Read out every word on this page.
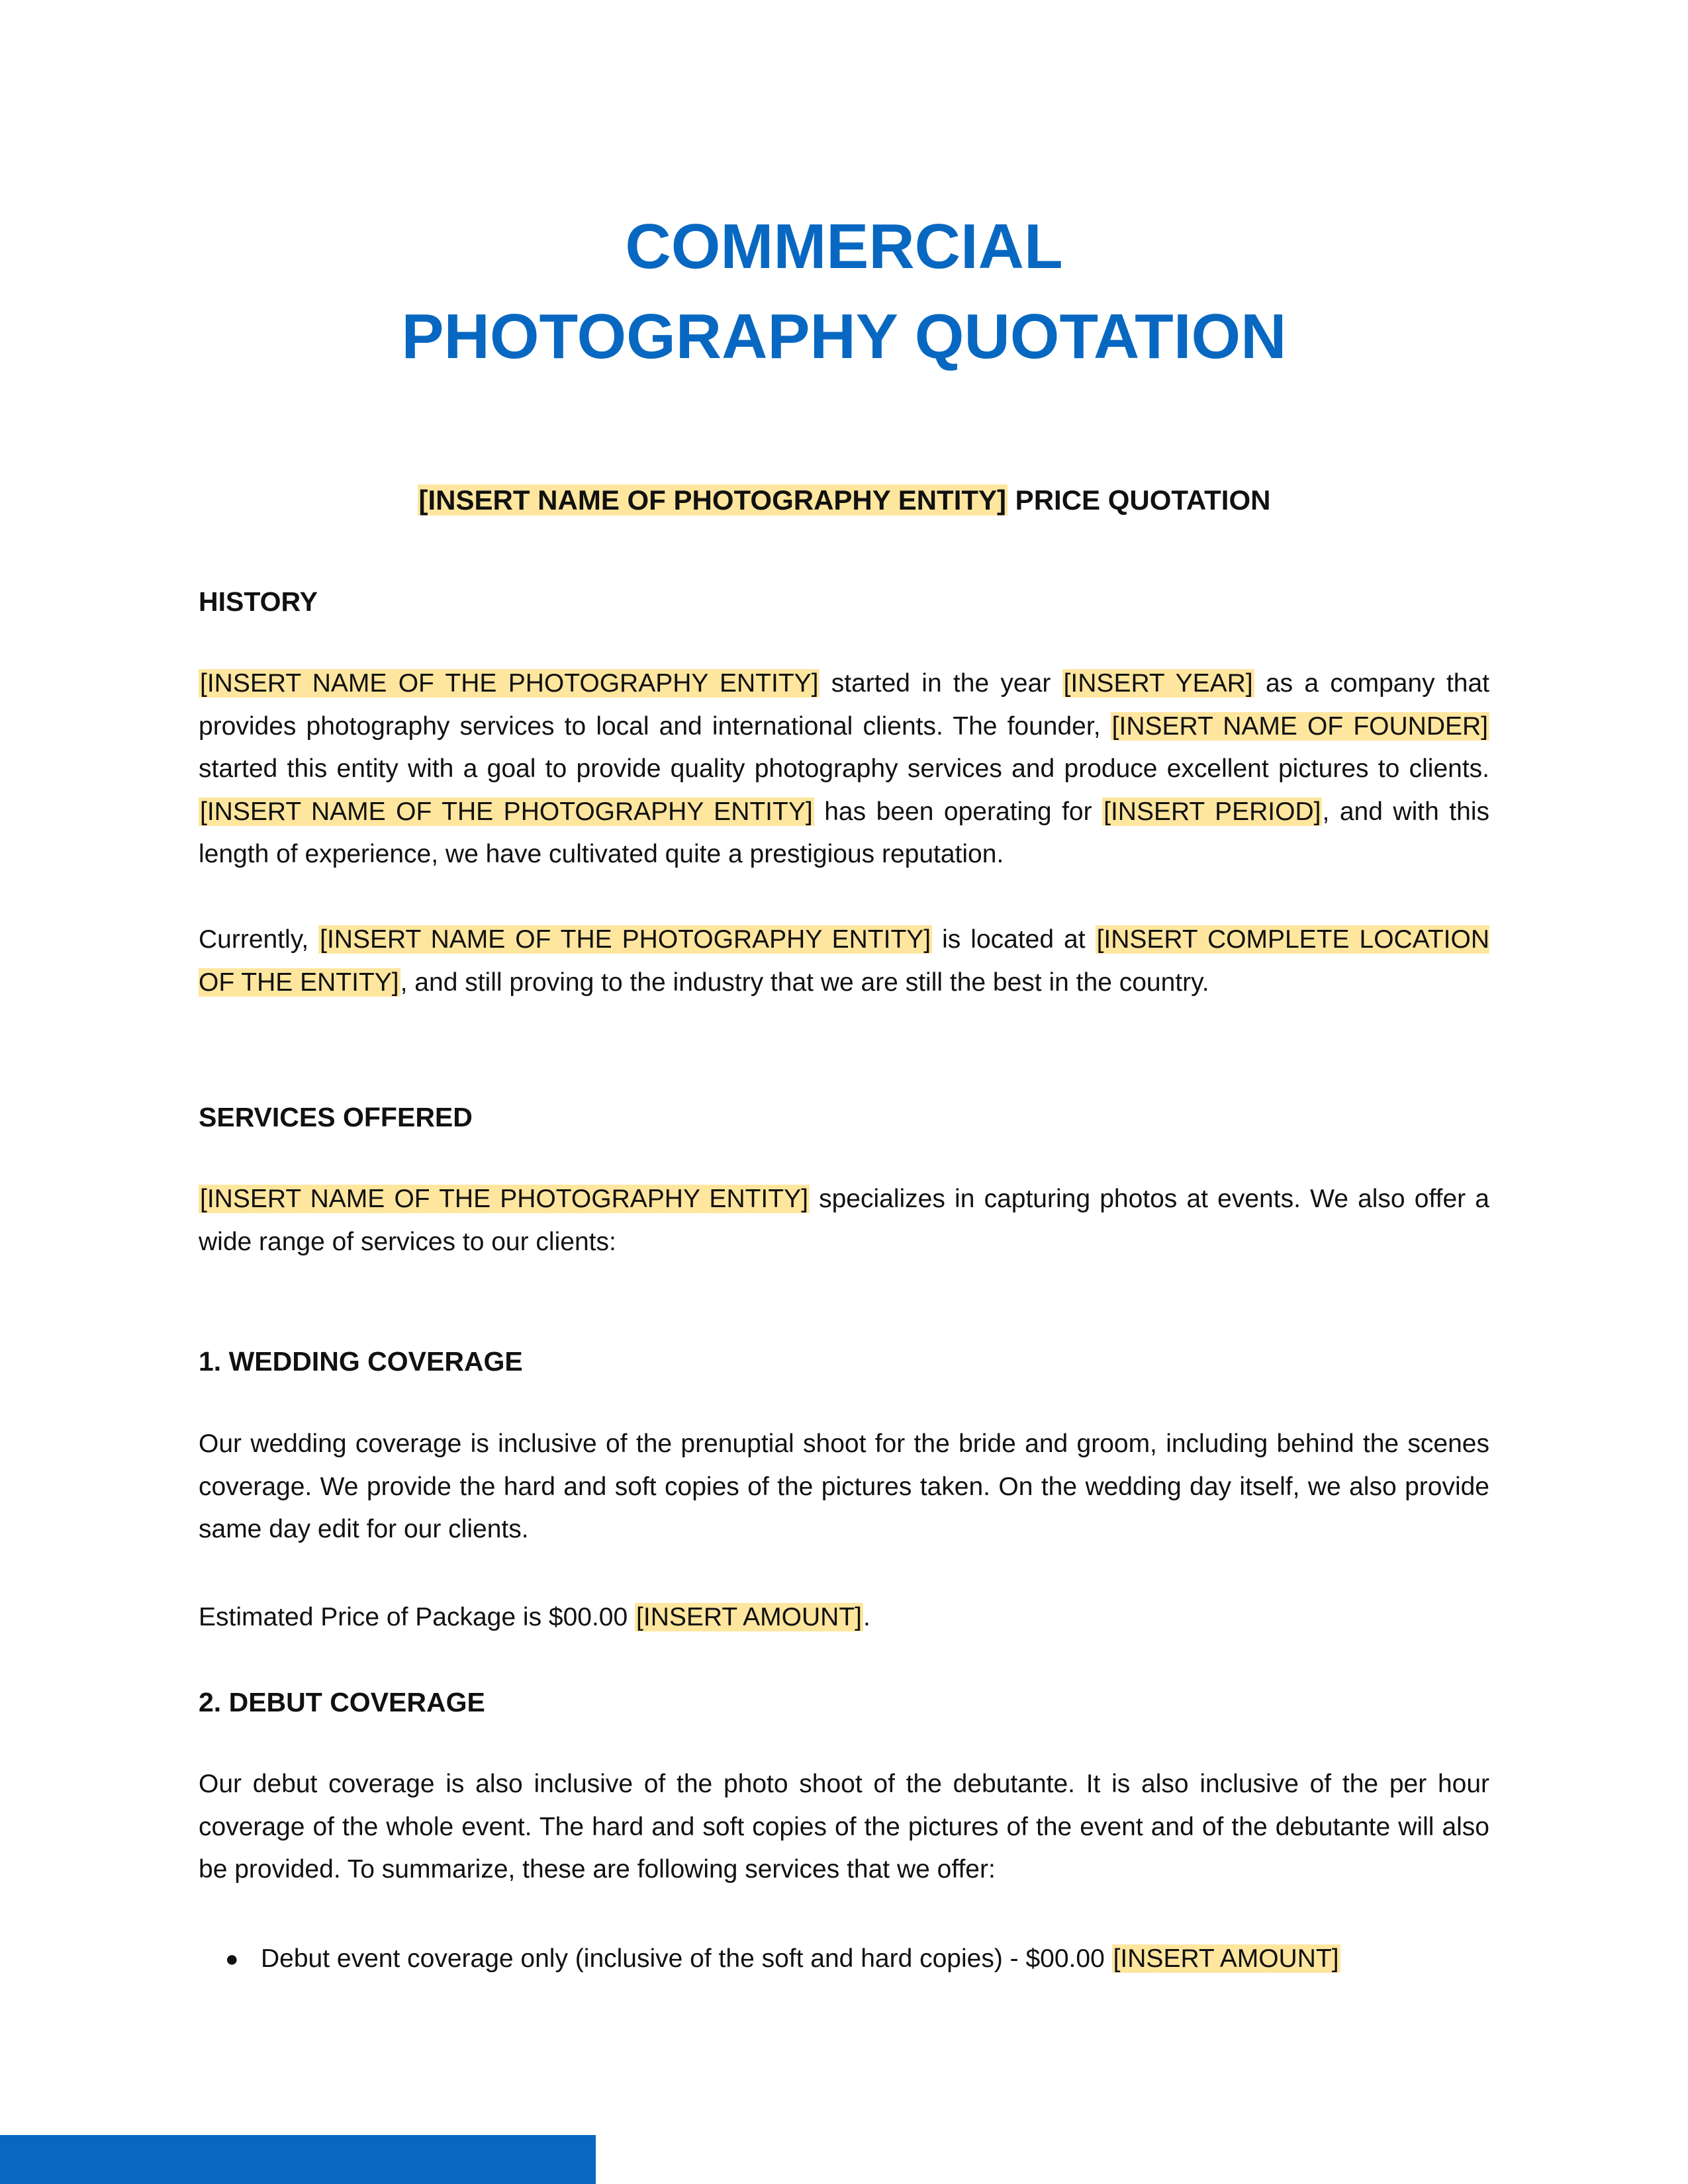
COMMERCIAL
PHOTOGRAPHY QUOTATION
[INSERT NAME OF PHOTOGRAPHY ENTITY] PRICE QUOTATION
HISTORY
[INSERT NAME OF THE PHOTOGRAPHY ENTITY] started in the year [INSERT YEAR] as a company that provides photography services to local and international clients. The founder, [INSERT NAME OF FOUNDER] started this entity with a goal to provide quality photography services and produce excellent pictures to clients. [INSERT NAME OF THE PHOTOGRAPHY ENTITY] has been operating for [INSERT PERIOD], and with this length of experience, we have cultivated quite a prestigious reputation.
Currently, [INSERT NAME OF THE PHOTOGRAPHY ENTITY] is located at [INSERT COMPLETE LOCATION OF THE ENTITY], and still proving to the industry that we are still the best in the country.
SERVICES OFFERED
[INSERT NAME OF THE PHOTOGRAPHY ENTITY] specializes in capturing photos at events. We also offer a wide range of services to our clients:
1. WEDDING COVERAGE
Our wedding coverage is inclusive of the prenuptial shoot for the bride and groom, including behind the scenes coverage. We provide the hard and soft copies of the pictures taken. On the wedding day itself, we also provide same day edit for our clients.
Estimated Price of Package is $00.00 [INSERT AMOUNT].
2. DEBUT COVERAGE
Our debut coverage is also inclusive of the photo shoot of the debutante. It is also inclusive of the per hour coverage of the whole event. The hard and soft copies of the pictures of the event and of the debutante will also be provided. To summarize, these are following services that we offer:
● Debut event coverage only (inclusive of the soft and hard copies) - $00.00 [INSERT AMOUNT]
